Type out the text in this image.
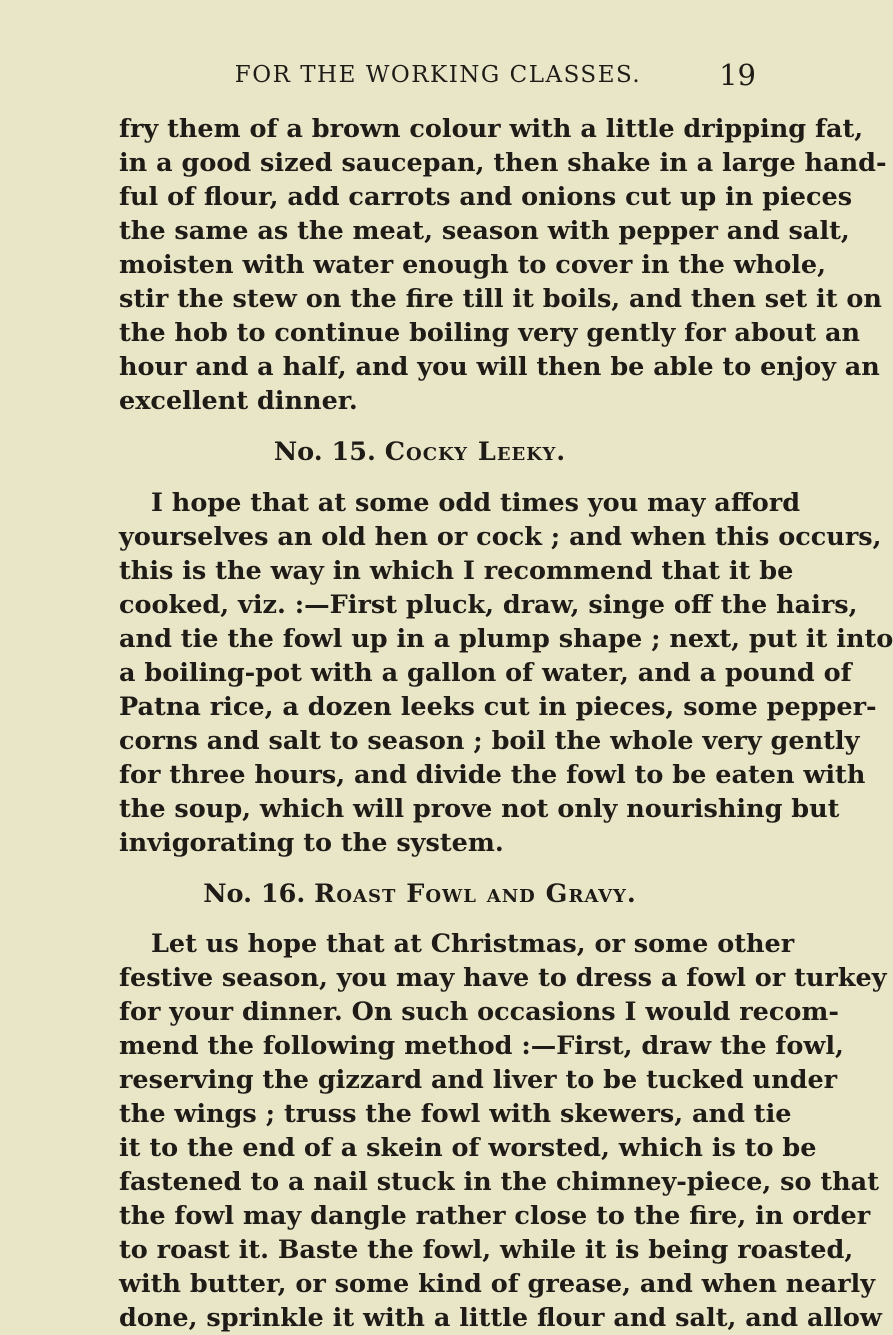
FOR THE WORKING CLASSES.	19
fry them of a brown colour with a little dripping fat,
in a good sized saucepan, then shake in a large hand-
ful of flour, add carrots and onions cut up in pieces
the same as the meat, season with pepper and salt,
moisten with water enough to cover in the whole,
stir the stew on the fire till it boils, and then set it on
the hob to continue boiling very gently for about an
hour and a half, and you will then be able to enjoy an
excellent dinner.
No. 15. Cocky Leeky.
I hope that at some odd times you may afford
yourselves an old hen or cock ; and when this occurs,
this is the way in which I recommend that it be
cooked, viz. :—First pluck, draw, singe off the hairs,
and tie the fowl up in a plump shape ; next, put it into
a boiling-pot with a gallon of water, and a pound of
Patna rice, a dozen leeks cut in pieces, some pepper-
corns and salt to season ; boil the whole very gently
for three hours, and divide the fowl to be eaten with
the soup, which will prove not only nourishing but
invigorating to the system.
No. 16. Roast Fowl and Gravy.
Let us hope that at Christmas, or some other
festive season, you may have to dress a fowl or turkey
for your dinner. On such occasions I would recom-
mend the following method :—First, draw the fowl,
reserving the gizzard and liver to be tucked under
the wings ; truss the fowl with skewers, and tie
it to the end of a skein of worsted, which is to be
fastened to a nail stuck in the chimney-piece, so that
the fowl may dangle rather close to the fire, in order
to roast it. Baste the fowl, while it is being roasted,
with butter, or some kind of grease, and when nearly
done, sprinkle it with a little flour and salt, and allow
